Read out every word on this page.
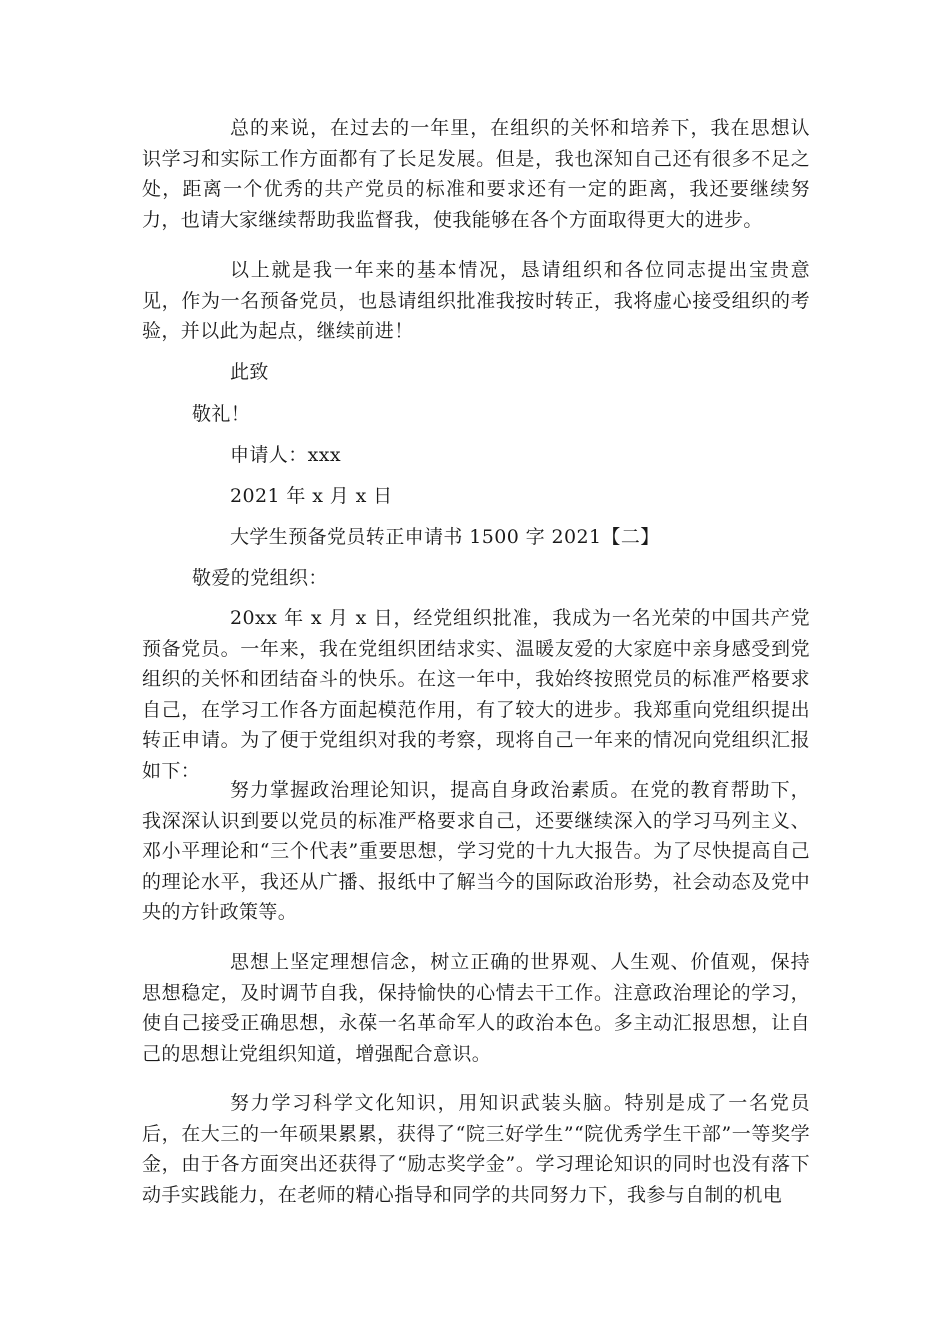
总的来说，在过去的一年里，在组织的关怀和培养下，我在思想认识学习和实际工作方面都有了长足发展。但是，我也深知自己还有很多不足之处，距离一个优秀的共产党员的标准和要求还有一定的距离，我还要继续努力，也请大家继续帮助我监督我，使我能够在各个方面取得更大的进步。

以上就是我一年来的基本情况，恳请组织和各位同志提出宝贵意见，作为一名预备党员，也恳请组织批准我按时转正，我将虚心接受组织的考验，并以此为起点，继续前进！

此致

敬礼！

申请人：xxx

2021 年 x 月 x 日

大学生预备党员转正申请书 1500 字 2021【二】

敬爱的党组织：

20xx 年 x 月 x 日，经党组织批准，我成为一名光荣的中国共产党预备党员。一年来，我在党组织团结求实、温暖友爱的大家庭中亲身感受到党组织的关怀和团结奋斗的快乐。在这一年中，我始终按照党员的标准严格要求自己，在学习工作各方面起模范作用，有了较大的进步。我郑重向党组织提出转正申请。为了便于党组织对我的考察，现将自己一年来的情况向党组织汇报如下：

努力掌握政治理论知识，提高自身政治素质。在党的教育帮助下，我深深认识到要以党员的标准严格要求自己，还要继续深入的学习马列主义、邓小平理论和“三个代表”重要思想，学习党的十九大报告。为了尽快提高自己的理论水平，我还从广播、报纸中了解当今的国际政治形势，社会动态及党中央的方针政策等。

思想上坚定理想信念，树立正确的世界观、人生观、价值观，保持思想稳定，及时调节自我，保持愉快的心情去干工作。注意政治理论的学习，使自己接受正确思想，永葆一名革命军人的政治本色。多主动汇报思想，让自己的思想让党组织知道，增强配合意识。

努力学习科学文化知识，用知识武装头脑。特别是成了一名党员后，在大三的一年硕果累累，获得了“院三好学生”“院优秀学生干部”一等奖学金，由于各方面突出还获得了“励志奖学金”。学习理论知识的同时也没有落下动手实践能力，在老师的精心指导和同学的共同努力下，我参与自制的机电
